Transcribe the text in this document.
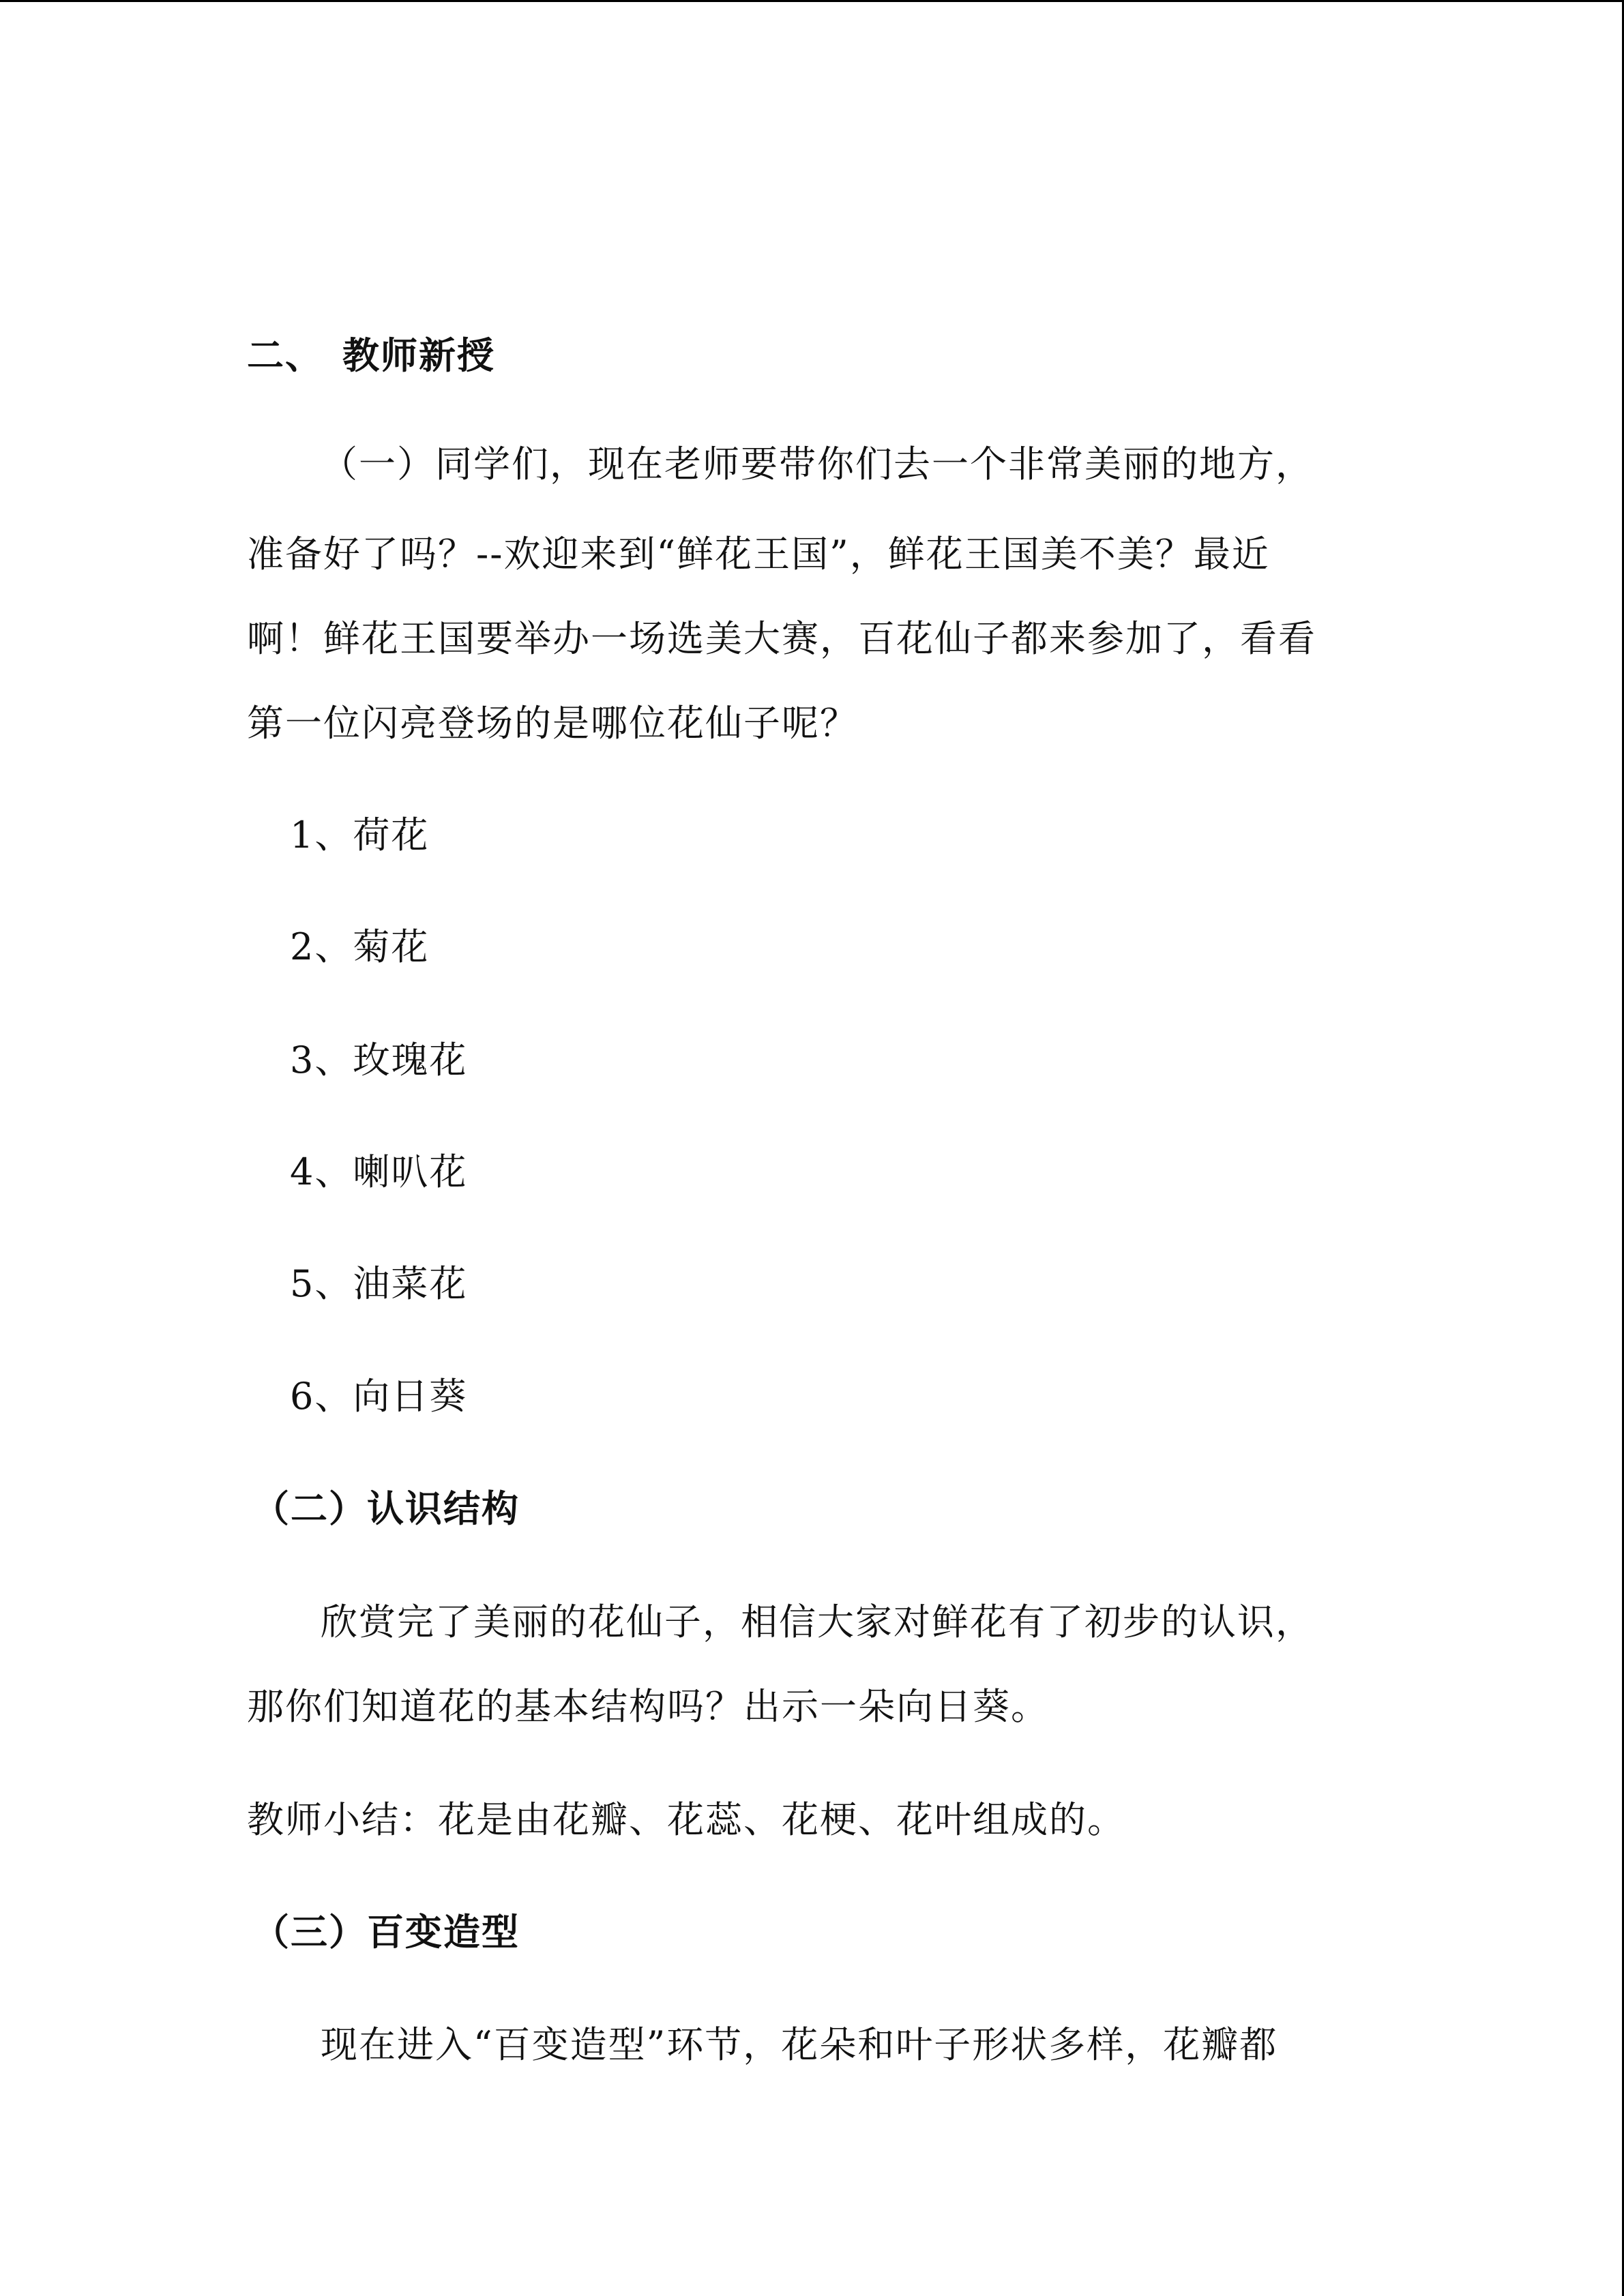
二、 教师新授
（一）同学们，现在老师要带你们去一个非常美丽的地方，
准备好了吗？--欢迎来到“鲜花王国”，鲜花王国美不美？最近
啊！鲜花王国要举办一场选美大赛，百花仙子都来参加了，看看
第一位闪亮登场的是哪位花仙子呢？
1、荷花
2、菊花
3、玫瑰花
4、喇叭花
5、油菜花
6、向日葵
（二）认识结构
欣赏完了美丽的花仙子，相信大家对鲜花有了初步的认识，
那你们知道花的基本结构吗？出示一朵向日葵。
教师小结：花是由花瓣、花蕊、花梗、花叶组成的。
（三）百变造型
现在进入“百变造型”环节，花朵和叶子形状多样，花瓣都
